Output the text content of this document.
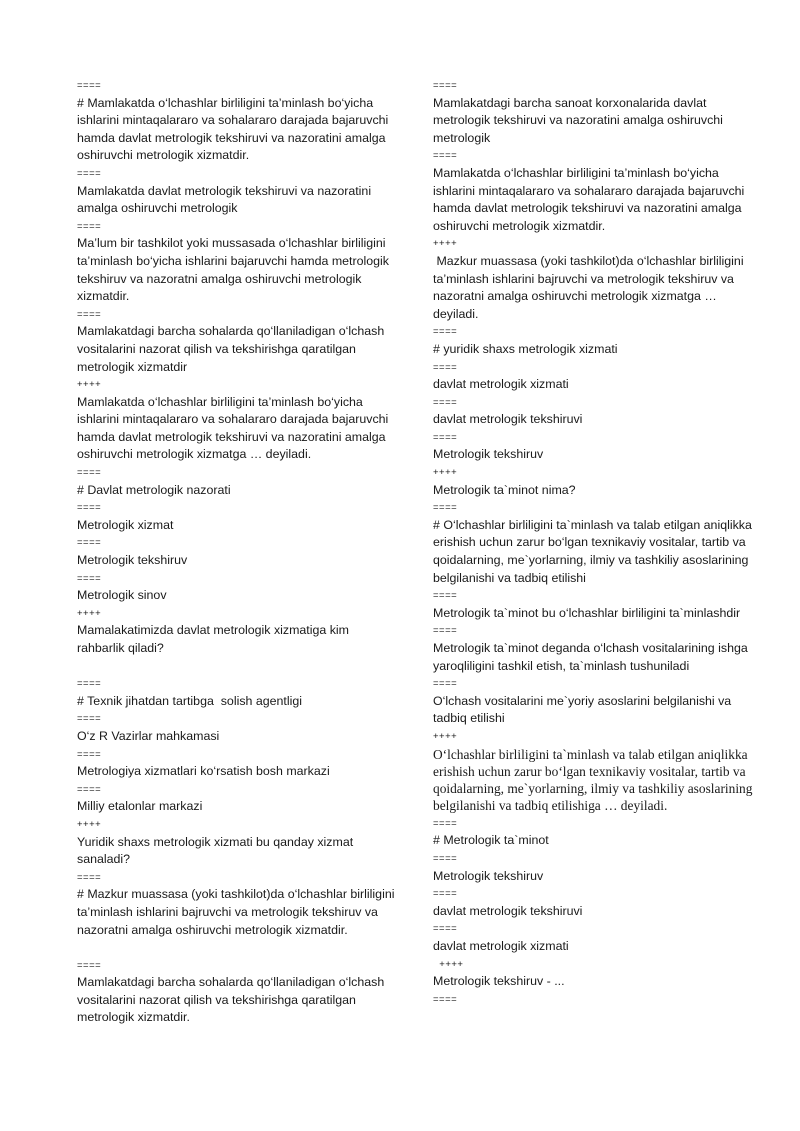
====
# Mamlakatda o‘lchashlar birliligini ta’minlash bo‘yicha ishlarini mintaqalararo va sohalararo darajada bajaruvchi hamda davlat metrologik tekshiruvi va nazoratini amalga oshiruvchi metrologik xizmatdir.
====
Mamlakatda davlat metrologik tekshiruvi va nazoratini amalga oshiruvchi metrologik
====
Ma’lum bir tashkilot yoki mussasada o‘lchashlar birliligini ta’minlash bo‘yicha ishlarini bajaruvchi hamda metrologik tekshiruv va nazoratni amalga oshiruvchi metrologik xizmatdir.
====
Mamlakatdagi barcha sohalarda qo‘llaniladigan o‘lchash vositalarini nazorat qilish va tekshirishga qaratilgan metrologik xizmatdir
++++
Mamlakatda o‘lchashlar birliligini ta’minlash bo‘yicha ishlarini mintaqalararo va sohalararo darajada bajaruvchi hamda davlat metrologik tekshiruvi va nazoratini amalga oshiruvchi metrologik xizmatga … deyiladi.
====
# Davlat metrologik nazorati
====
Metrologik xizmat
====
Metrologik tekshiruv
====
Metrologik sinov
++++
Mamalakatimizda davlat metrologik xizmatiga kim rahbarlik qiladi?
====
# Texnik jihatdan tartibga  solish agentligi
====
O‘z R Vazirlar mahkamasi
====
Metrologiya xizmatlari ko‘rsatish bosh markazi
====
Milliy etalonlar markazi
++++
Yuridik shaxs metrologik xizmati bu qanday xizmat sanaladi?
====
# Mazkur muassasa (yoki tashkilot)da o‘lchashlar birliligini ta’minlash ishlarini bajruvchi va metrologik tekshiruv va nazoratni amalga oshiruvchi metrologik xizmatdir.
====
Mamlakatdagi barcha sohalarda qo‘llaniladigan o‘lchash vositalarini nazorat qilish va tekshirishga qaratilgan metrologik xizmatdir.
====
Mamlakatdagi barcha sanoat korxonalarida davlat metrologik tekshiruvi va nazoratini amalga oshiruvchi metrologik
====
Mamlakatda o‘lchashlar birliligini ta’minlash bo‘yicha ishlarini mintaqalararo va sohalararo darajada bajaruvchi hamda davlat metrologik tekshiruvi va nazoratini amalga oshiruvchi metrologik xizmatdir.
++++
Mazkur muassasa (yoki tashkilot)da o‘lchashlar birliligini ta’minlash ishlarini bajruvchi va metrologik tekshiruv va nazoratni amalga oshiruvchi metrologik xizmatga … deyiladi.
====
# yuridik shaxs metrologik xizmati
====
davlat metrologik xizmati
====
davlat metrologik tekshiruvi
====
Metrologik tekshiruv
++++
Metrologik ta`minot nima?
====
# O‘lchashlar birliligini ta`minlash va talab etilgan aniqlikka erishish uchun zarur bo‘lgan texnikaviy vositalar, tartib va qoidalarning, me`yorlarning, ilmiy va tashkiliy asoslarining belgilanishi va tadbiq etilishi
====
Metrologik ta`minot bu o‘lchashlar birliligini ta`minlashdir
====
Metrologik ta`minot deganda o‘lchash vositalarining ishga yaroqliligini tashkil etish, ta`minlash tushuniladi
====
O‘lchash vositalarini me`yoriy asoslarini belgilanishi va tadbiq etilishi
++++
O‘lchashlar birliligini ta`minlash va talab etilgan aniqlikka erishish uchun zarur bo‘lgan texnikaviy vositalar, tartib va qoidalarning, me`yorlarning, ilmiy va tashkiliy asoslarining belgilanishi va tadbiq etilishiga … deyiladi.
====
# Metrologik ta`minot
====
Metrologik tekshiruv
====
davlat metrologik tekshiruvi
====
davlat metrologik xizmati
++++
Metrologik tekshiruv - ...
====
